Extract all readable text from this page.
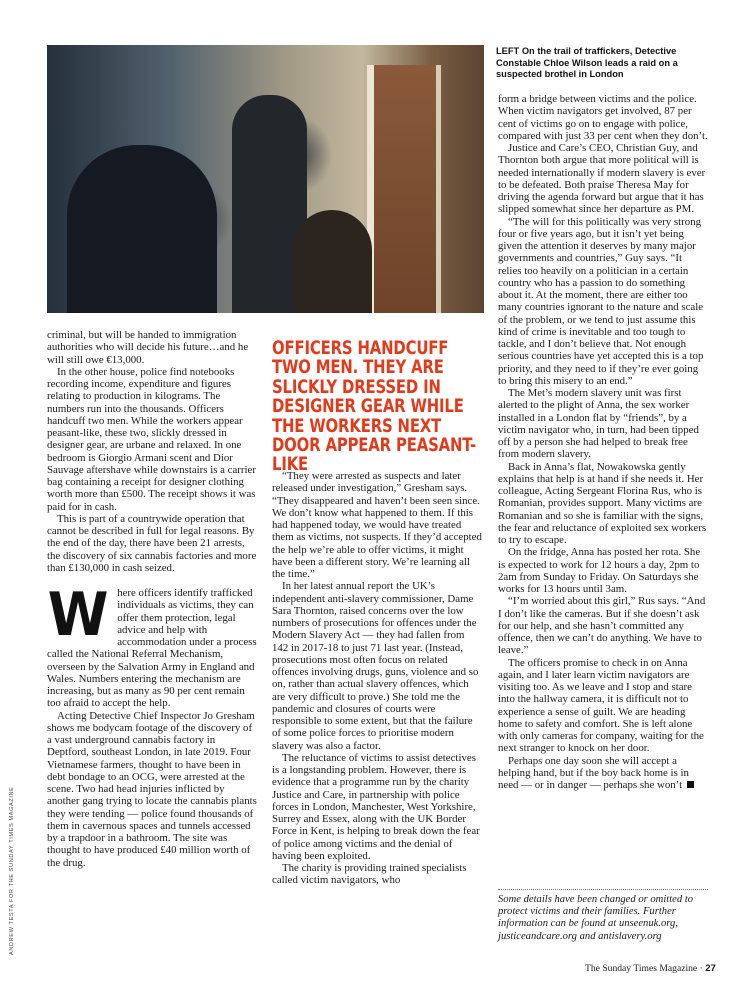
ANDREW TESTA FOR THE SUNDAY TIMES MAGAZINE
LEFT On the trail of traffickers, Detective Constable Chloe Wilson leads a raid on a suspected brothel in London

criminal, but will be handed to immigration authorities who will decide his future…and he will still owe €13,000.

In the other house, police find notebooks recording income, expenditure and figures relating to production in kilograms. The numbers run into the thousands. Officers handcuff two men. While the workers appear peasant-like, these two, slickly dressed in designer gear, are urbane and relaxed. In one bedroom is Giorgio Armani scent and Dior Sauvage aftershave while downstairs is a carrier bag containing a receipt for designer clothing worth more than £500. The receipt shows it was paid for in cash.

This is part of a countrywide operation that cannot be described in full for legal reasons. By the end of the day, there have been 21 arrests, the discovery of six cannabis factories and more than £130,000 in cash seized.

Where officers identify trafficked individuals as victims, they can offer them protection, legal advice and help with accommodation under a process called the National Referral Mechanism, overseen by the Salvation Army in England and Wales. Numbers entering the mechanism are increasing, but as many as 90 per cent remain too afraid to accept the help.

Acting Detective Chief Inspector Jo Gresham shows me bodycam footage of the discovery of a vast underground cannabis factory in Deptford, southeast London, in late 2019. Four Vietnamese farmers, thought to have been in debt bondage to an OCG, were arrested at the scene. Two had head injuries inflicted by another gang trying to locate the cannabis plants they were tending — police found thousands of them in cavernous spaces and tunnels accessed by a trapdoor in a bathroom. The site was thought to have produced £40 million worth of the drug.

OFFICERS HANDCUFF TWO MEN. THEY ARE SLICKLY DRESSED IN DESIGNER GEAR WHILE THE WORKERS NEXT DOOR APPEAR PEASANT-LIKE

“They were arrested as suspects and later released under investigation,” Gresham says. “They disappeared and haven’t been seen since. We don’t know what happened to them. If this had happened today, we would have treated them as victims, not suspects. If they’d accepted the help we’re able to offer victims, it might have been a different story. We’re learning all the time.”

In her latest annual report the UK’s independent anti-slavery commissioner, Dame Sara Thornton, raised concerns over the low numbers of prosecutions for offences under the Modern Slavery Act — they had fallen from 142 in 2017-18 to just 71 last year. (Instead, prosecutions most often focus on related offences involving drugs, guns, violence and so on, rather than actual slavery offences, which are very difficult to prove.) She told me the pandemic and closures of courts were responsible to some extent, but that the failure of some police forces to prioritise modern slavery was also a factor.

The reluctance of victims to assist detectives is a longstanding problem. However, there is evidence that a programme run by the charity Justice and Care, in partnership with police forces in London, Manchester, West Yorkshire, Surrey and Essex, along with the UK Border Force in Kent, is helping to break down the fear of police among victims and the denial of having been exploited.

The charity is providing trained specialists called victim navigators, who

form a bridge between victims and the police. When victim navigators get involved, 87 per cent of victims go on to engage with police, compared with just 33 per cent when they don’t.

Justice and Care’s CEO, Christian Guy, and Thornton both argue that more political will is needed internationally if modern slavery is ever to be defeated. Both praise Theresa May for driving the agenda forward but argue that it has slipped somewhat since her departure as PM.

“The will for this politically was very strong four or five years ago, but it isn’t yet being given the attention it deserves by many major governments and countries,” Guy says. “It relies too heavily on a politician in a certain country who has a passion to do something about it. At the moment, there are either too many countries ignorant to the nature and scale of the problem, or we tend to just assume this kind of crime is inevitable and too tough to tackle, and I don’t believe that. Not enough serious countries have yet accepted this is a top priority, and they need to if they’re ever going to bring this misery to an end.”

The Met’s modern slavery unit was first alerted to the plight of Anna, the sex worker installed in a London flat by “friends”, by a victim navigator who, in turn, had been tipped off by a person she had helped to break free from modern slavery.

Back in Anna’s flat, Nowakowska gently explains that help is at hand if she needs it. Her colleague, Acting Sergeant Florina Rus, who is Romanian, provides support. Many victims are Romanian and so she is familiar with the signs, the fear and reluctance of exploited sex workers to try to escape.

On the fridge, Anna has posted her rota. She is expected to work for 12 hours a day, 2pm to 2am from Sunday to Friday. On Saturdays she works for 13 hours until 3am.

“I’m worried about this girl,” Rus says. “And I don’t like the cameras. But if she doesn’t ask for our help, and she hasn’t committed any offence, then we can’t do anything. We have to leave.”

The officers promise to check in on Anna again, and I later learn victim navigators are visiting too. As we leave and I stop and stare into the hallway camera, it is difficult not to experience a sense of guilt. We are heading home to safety and comfort. She is left alone with only cameras for company, waiting for the next stranger to knock on her door.

Perhaps one day soon she will accept a helping hand, but if the boy back home is in need — or in danger — perhaps she won’t

Some details have been changed or omitted to protect victims and their families. Further information can be found at unseenuk.org, justiceandcare.org and antislavery.org
The Sunday Times Magazine · 27
